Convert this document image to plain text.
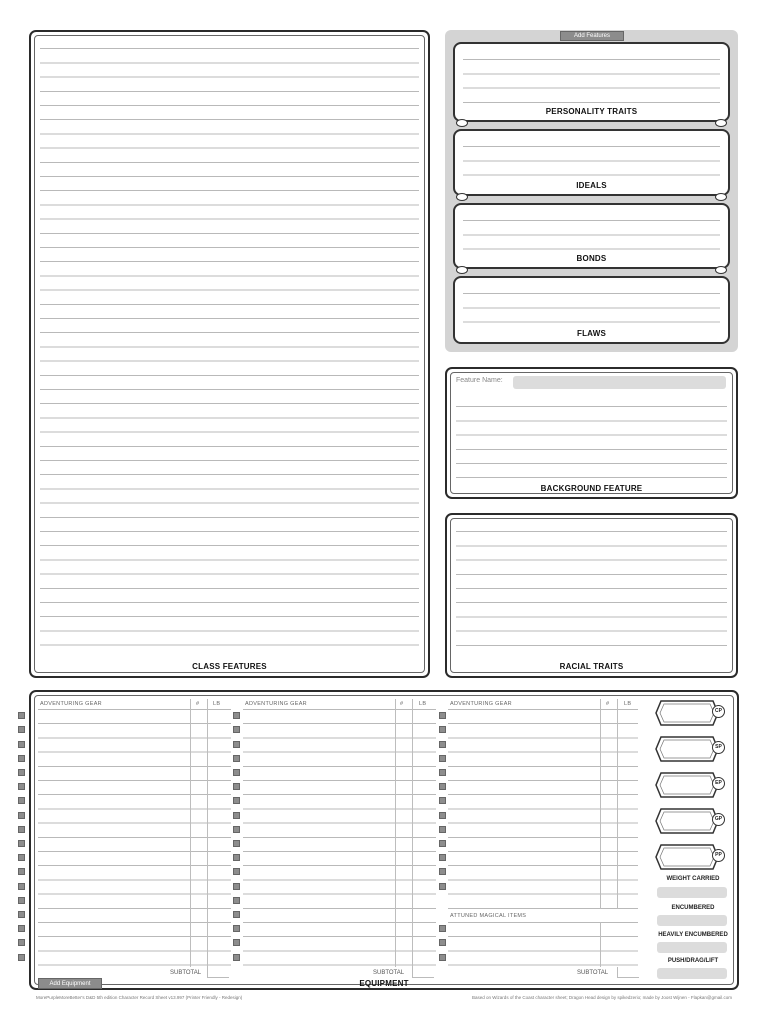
CLASS FEATURES
Add Features
PERSONALITY TRAITS
IDEALS
BONDS
FLAWS
Feature Name:
BACKGROUND FEATURE
RACIAL TRAITS
ADVENTURING GEAR	# LB
SUBTOTAL
ADVENTURING GEAR	#	LB
SUBTOTAL
ADVENTURING GEAR	#	LB
ATTUNED MAGICAL ITEMS
SUBTOTAL
CP
SP
EP
GP
PP
WEIGHT CARRIED
ENCUMBERED
HEAVILY ENCUMBERED
PUSH/DRAG/LIFT
Add Equipment	EQUIPMENT
MorePurpleMoreBetter's D&D 5th edition Character Record Sheet v13.997 (Printer Friendly - Redesign)	Based on Wizards of the Coast character sheet; Dragon Head design by spikedzerio; made by Joost Wijnen - Flapkan@gmail.com
